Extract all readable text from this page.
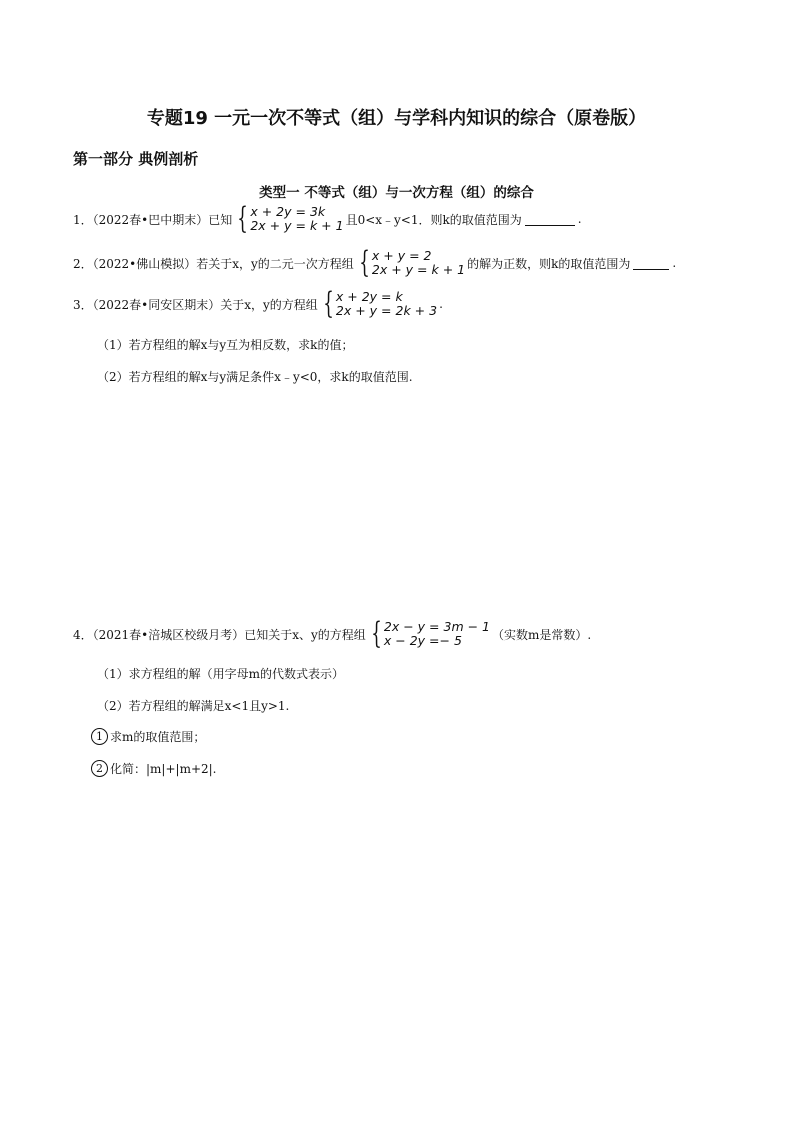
专题19 一元一次不等式（组）与学科内知识的综合（原卷版）
第一部分 典例剖析
类型一 不等式（组）与一次方程（组）的综合
1．（2022春•巴中期末）已知 { x + 2y = 3k
2x + y = k + 1 且0<x﹣y<1．则k的取值范围为	.
2．（2022•佛山模拟）若关于x，y的二元一次方程组 { x + y = 2
2x + y = k + 1 的解为正数，则k的取值范围为	.
3．（2022春•同安区期末）关于x，y的方程组 { x + 2y = k
2x + y = 2k + 3 .
（1）若方程组的解x与y互为相反数，求k的值；
（2）若方程组的解x与y满足条件x﹣y<0，求k的取值范围.
4．（2021春•涪城区校级月考）已知关于x、y的方程组 { 2x − y = 3m − 1
x − 2y =− 5	（实数m是常数）.
（1）求方程组的解（用字母m的代数式表示）
（2）若方程组的解满足x<1且y>1.
1 求m的取值范围；
2 化简：|m|+|m+2|.
